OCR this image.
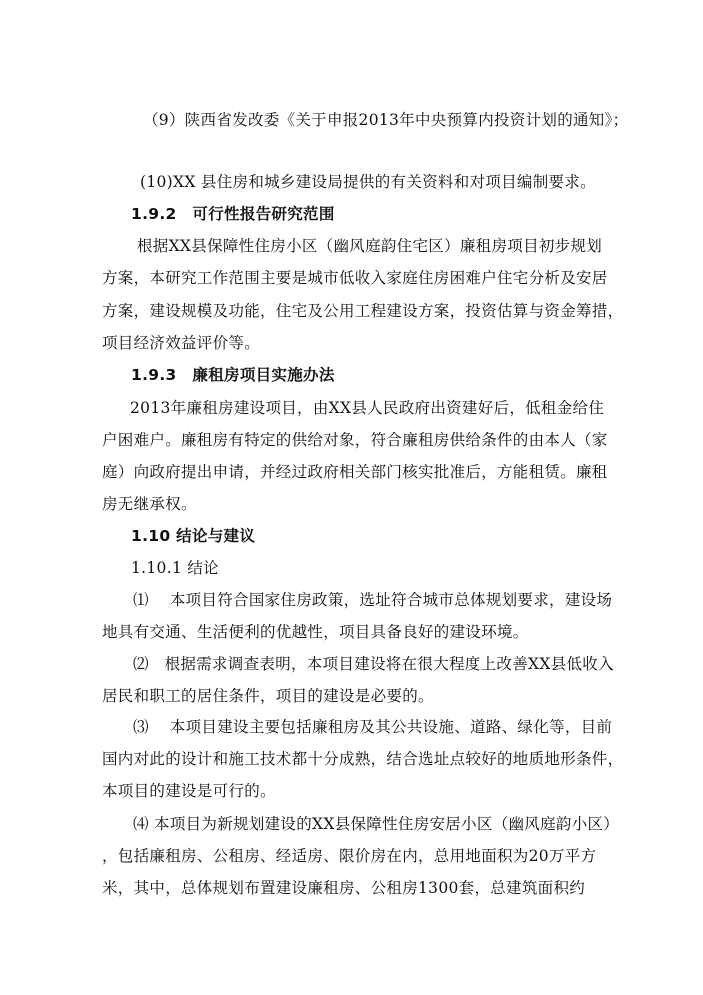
（9）陕西省发改委《关于申报2013年中央预算内投资计划的通知》；
(10)XX 县住房和城乡建设局提供的有关资料和对项目编制要求。
1.9.2　可行性报告研究范围
根据XX县保障性住房小区（幽风庭韵住宅区）廉租房项目初步规划
方案，本研究工作范围主要是城市低收入家庭住房困难户住宅分析及安居
方案，建设规模及功能，住宅及公用工程建设方案，投资估算与资金筹措，
项目经济效益评价等。
1.9.3　廉租房项目实施办法
2013年廉租房建设项目，由XX县人民政府出资建好后，低租金给住
户困难户。廉租房有特定的供给对象，符合廉租房供给条件的由本人（家
庭）向政府提出申请，并经过政府相关部门核实批准后，方能租赁。廉租
房无继承权。
1.10 结论与建议
1.10.1 结论
⑴　 本项目符合国家住房政策，选址符合城市总体规划要求，建设场
地具有交通、生活便利的优越性，项目具备良好的建设环境。
⑵　根据需求调查表明，本项目建设将在很大程度上改善XX县低收入
居民和职工的居住条件，项目的建设是必要的。
⑶　 本项目建设主要包括廉租房及其公共设施、道路、绿化等，目前
国内对此的设计和施工技术都十分成熟，结合选址点较好的地质地形条件，
本项目的建设是可行的。
⑷ 本项目为新规划建设的XX县保障性住房安居小区（幽风庭韵小区）
，包括廉租房、公租房、经适房、限价房在内，总用地面积为20万平方
米，其中，总体规划布置建设廉租房、公租房1300套，总建筑面积约
